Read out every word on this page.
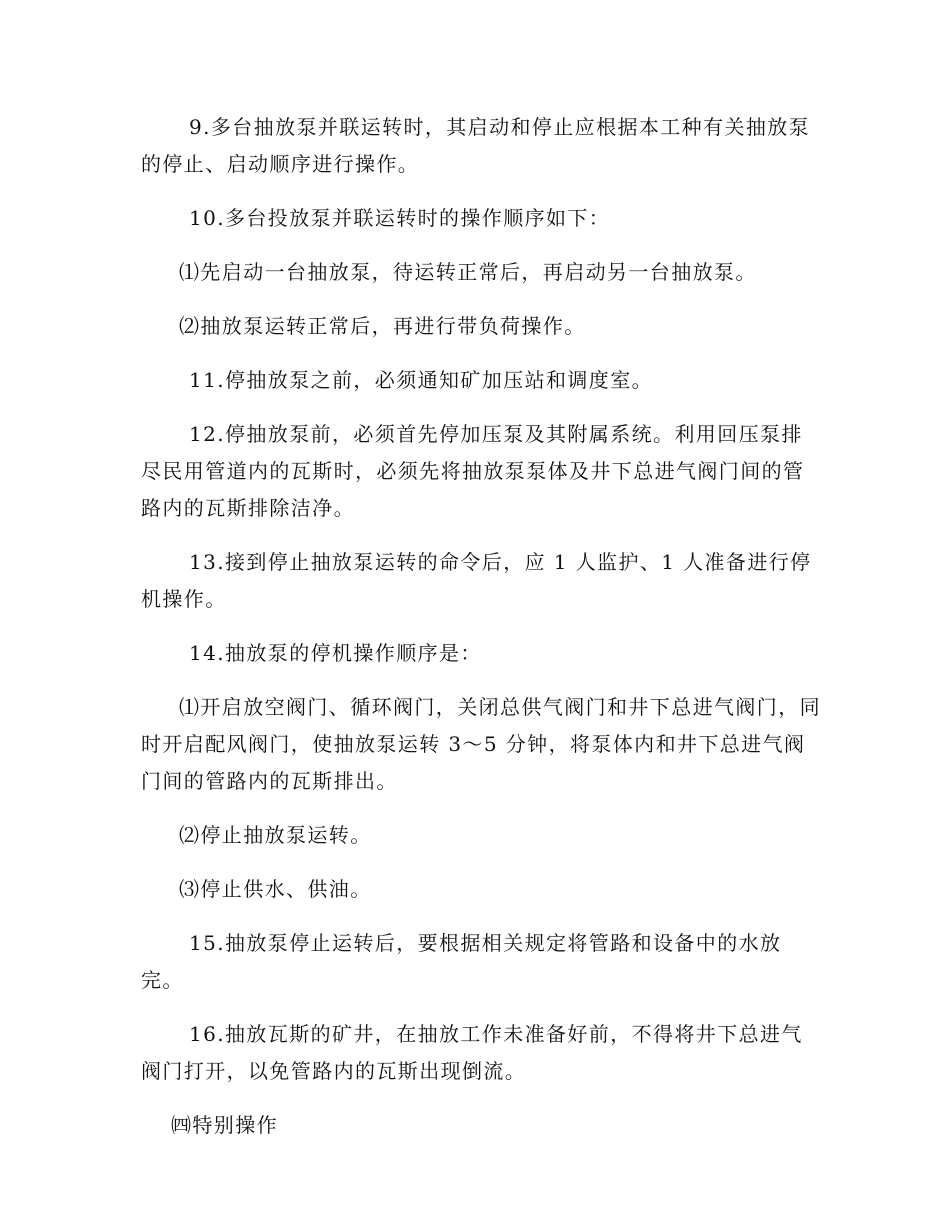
9.多台抽放泵并联运转时，其启动和停止应根据本工种有关抽放泵的停止、启动顺序进行操作。

10.多台投放泵并联运转时的操作顺序如下：

⑴先启动一台抽放泵，待运转正常后，再启动另一台抽放泵。

⑵抽放泵运转正常后，再进行带负荷操作。

11.停抽放泵之前，必须通知矿加压站和调度室。

12.停抽放泵前，必须首先停加压泵及其附属系统。利用回压泵排尽民用管道内的瓦斯时，必须先将抽放泵泵体及井下总进气阀门间的管路内的瓦斯排除洁净。

13.接到停止抽放泵运转的命令后，应 1 人监护、1 人准备进行停机操作。

14.抽放泵的停机操作顺序是：

⑴开启放空阀门、循环阀门，关闭总供气阀门和井下总进气阀门，同时开启配风阀门，使抽放泵运转 3～5 分钟，将泵体内和井下总进气阀门间的管路内的瓦斯排出。

⑵停止抽放泵运转。

⑶停止供水、供油。

15.抽放泵停止运转后，要根据相关规定将管路和设备中的水放完。

16.抽放瓦斯的矿井，在抽放工作未准备好前，不得将井下总进气阀门打开，以免管路内的瓦斯出现倒流。

㈣特别操作
